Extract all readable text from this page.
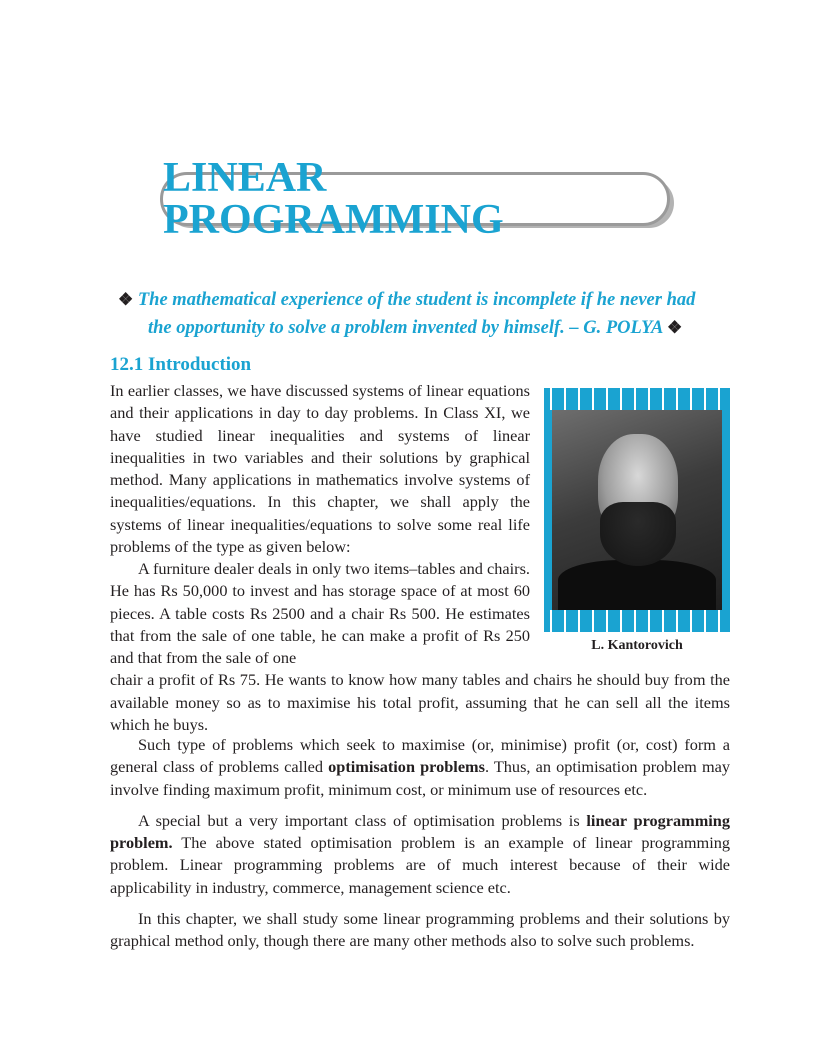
LINEAR PROGRAMMING
❖ The mathematical experience of the student is incomplete if he never had
the opportunity to solve a problem invented by himself. – G. POLYA ❖
12.1 Introduction

In earlier classes, we have discussed systems of linear equations and their applications in day to day problems. In Class XI, we have studied linear inequalities and systems of linear inequalities in two variables and their solutions by graphical method. Many applications in mathematics involve systems of inequalities/equations. In this chapter, we shall apply the systems of linear inequalities/equations to solve some real life problems of the type as given below:

A furniture dealer deals in only two items–tables and chairs. He has Rs 50,000 to invest and has storage space of at most 60 pieces. A table costs Rs 2500 and a chair Rs 500. He estimates that from the sale of one table, he can make a profit of Rs 250 and that from the sale of one

chair a profit of Rs 75. He wants to know how many tables and chairs he should buy from the available money so as to maximise his total profit, assuming that he can sell all the items which he buys.

Such type of problems which seek to maximise (or, minimise) profit (or, cost) form a general class of problems called optimisation problems. Thus, an optimisation problem may involve finding maximum profit, minimum cost, or minimum use of resources etc.

A special but a very important class of optimisation problems is linear programming problem. The above stated optimisation problem is an example of linear programming problem. Linear programming problems are of much interest because of their wide applicability in industry, commerce, management science etc.

In this chapter, we shall study some linear programming problems and their solutions by graphical method only, though there are many other methods also to solve such problems.

L. Kantorovich
